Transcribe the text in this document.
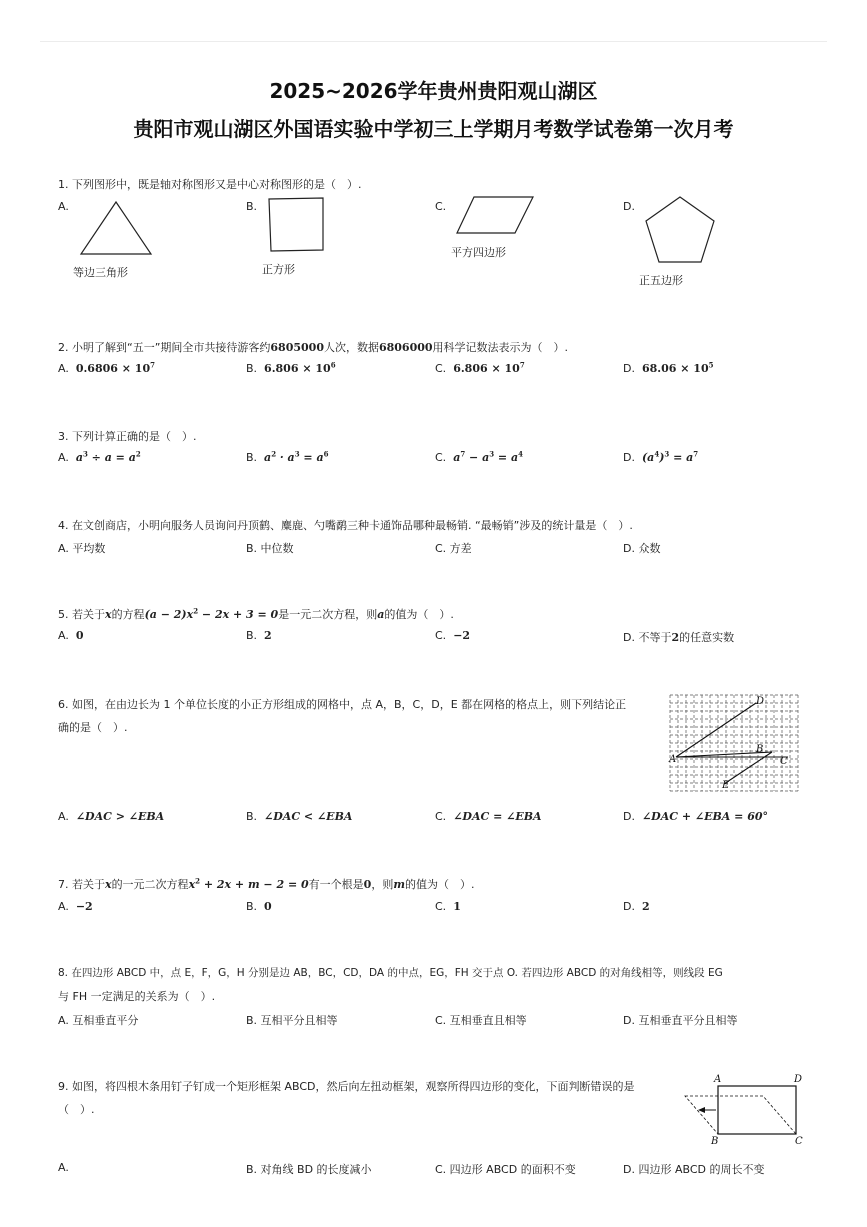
2025~2026学年贵州贵阳观山湖区
贵阳市观山湖区外国语实验中学初三上学期月考数学试卷第一次月考
1. 下列图形中，既是轴对称图形又是中心对称图形的是（　）.
A.	B.	C.	D.
等边三角形	正方形
平方四边形
正五边形
2. 小明了解到“五一”期间全市共接待游客约6805000人次，数据6806000用科学记数法表示为（　）.
A. $0.6806 \times 10^7$	B. $6.806 \times 10^6$	C. $6.806 \times 10^7$	D. $68.06 \times 10^5$
3. 下列计算正确的是（　）.
A. $a^3 \div a = a^2$	B. $a^2 \cdot a^3 = a^6$	C. $a^7 - a^3 = a^4$	D. $(a^4)^3 = a^7$
4. 在文创商店，小明向服务人员询问丹顶鹤、麋鹿、勺嘴鹬三种卡通饰品哪种最畅销. “最畅销”涉及的统计量是（　）.
A. 平均数	B. 中位数	C. 方差	D. 众数
5. 若关于x的方程$(a - 2)x^2 - 2x + 3 = 0$是一元二次方程，则a的值为（　）.
A. 0	B. 2	C. −2	D. 不等于2的任意实数
6. 如图，在由边长为 1 个单位长度的小正方形组成的网格中，点 A，B，C，D，E 都在网格的格点上，则下列结论正
确的是（　）.
D
A
B
C
E
A. ∠DAC > ∠EBA	B. ∠DAC < ∠EBA	C. ∠DAC = ∠EBA	D. ∠DAC + ∠EBA = 60°
7. 若关于x的一元二次方程$x^2 + 2x + m - 2 = 0$有一个根是0，则m的值为（　）.
A. −2	B. 0	C. 1	D. 2
8. 在四边形 ABCD 中，点 E，F，G，H 分别是边 AB，BC，CD，DA 的中点，EG，FH 交于点 O. 若四边形 ABCD 的对角线相等，则线段 EG
与 FH 一定满足的关系为（　）.
A. 互相垂直平分	B. 互相平分且相等	C. 互相垂直且相等	D. 互相垂直平分且相等
9. 如图，将四根木条用钉子钉成一个矩形框架 ABCD，然后向左扭动框架，观察所得四边形的变化，下面判断错误的是
（　）.
A	D
B	C
A.	B. 对角线 BD 的长度减小	C. 四边形 ABCD 的面积不变	D. 四边形 ABCD 的周长不变
